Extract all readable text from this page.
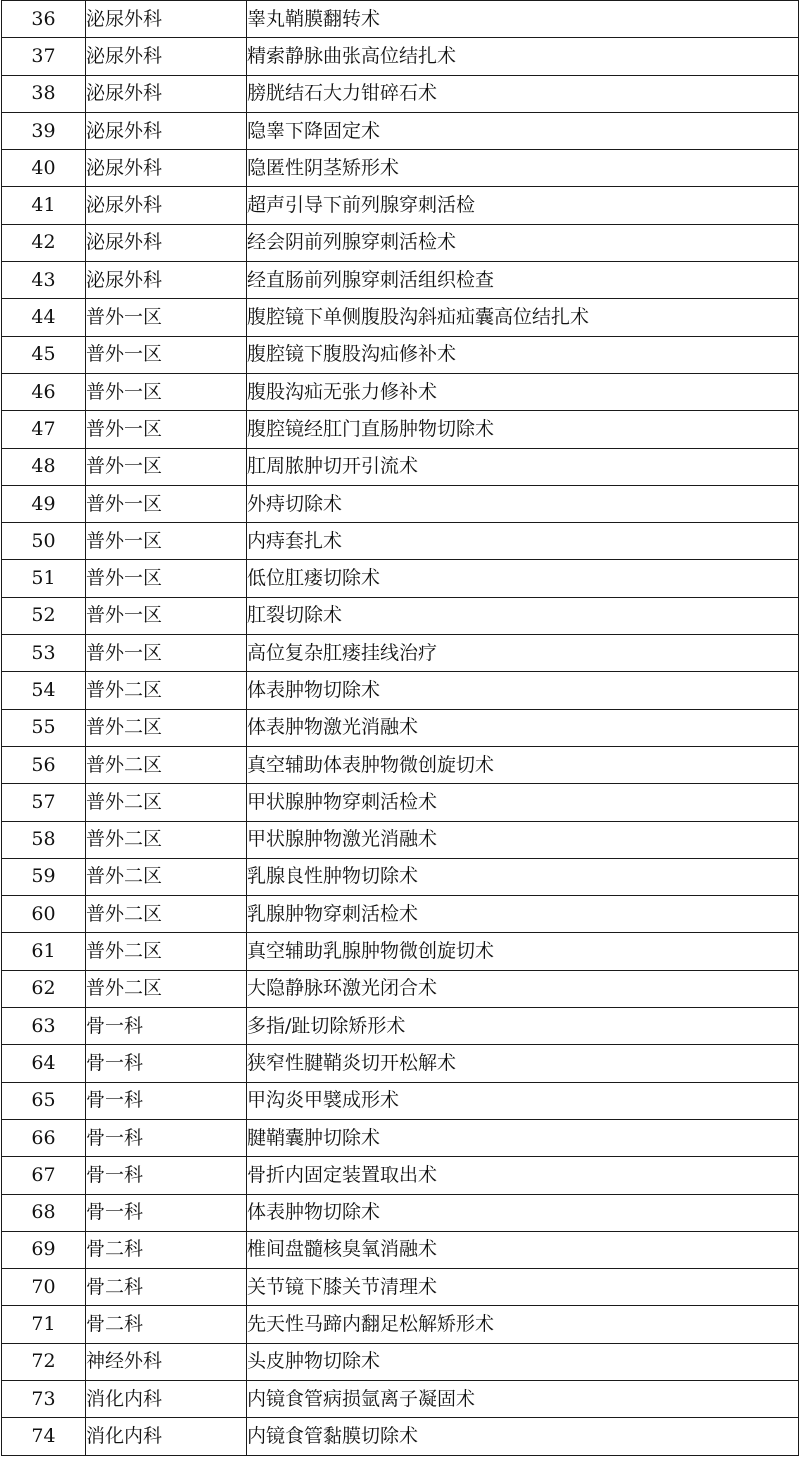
36	泌尿外科	睾丸鞘膜翻转术
37	泌尿外科	精索静脉曲张高位结扎术
38	泌尿外科	膀胱结石大力钳碎石术
39	泌尿外科	隐睾下降固定术
40	泌尿外科	隐匿性阴茎矫形术
41	泌尿外科	超声引导下前列腺穿刺活检
42	泌尿外科	经会阴前列腺穿刺活检术
43	泌尿外科	经直肠前列腺穿刺活组织检查
44	普外一区	腹腔镜下单侧腹股沟斜疝疝囊高位结扎术
45	普外一区	腹腔镜下腹股沟疝修补术
46	普外一区	腹股沟疝无张力修补术
47	普外一区	腹腔镜经肛门直肠肿物切除术
48	普外一区	肛周脓肿切开引流术
49	普外一区	外痔切除术
50	普外一区	内痔套扎术
51	普外一区	低位肛瘘切除术
52	普外一区	肛裂切除术
53	普外一区	高位复杂肛瘘挂线治疗
54	普外二区	体表肿物切除术
55	普外二区	体表肿物激光消融术
56	普外二区	真空辅助体表肿物微创旋切术
57	普外二区	甲状腺肿物穿刺活检术
58	普外二区	甲状腺肿物激光消融术
59	普外二区	乳腺良性肿物切除术
60	普外二区	乳腺肿物穿刺活检术
61	普外二区	真空辅助乳腺肿物微创旋切术
62	普外二区	大隐静脉环激光闭合术
63	骨一科	多指/趾切除矫形术
64	骨一科	狭窄性腱鞘炎切开松解术
65	骨一科	甲沟炎甲襞成形术
66	骨一科	腱鞘囊肿切除术
67	骨一科	骨折内固定装置取出术
68	骨一科	体表肿物切除术
69	骨二科	椎间盘髓核臭氧消融术
70	骨二科	关节镜下膝关节清理术
71	骨二科	先天性马蹄内翻足松解矫形术
72	神经外科	头皮肿物切除术
73	消化内科	内镜食管病损氩离子凝固术
74	消化内科	内镜食管黏膜切除术
